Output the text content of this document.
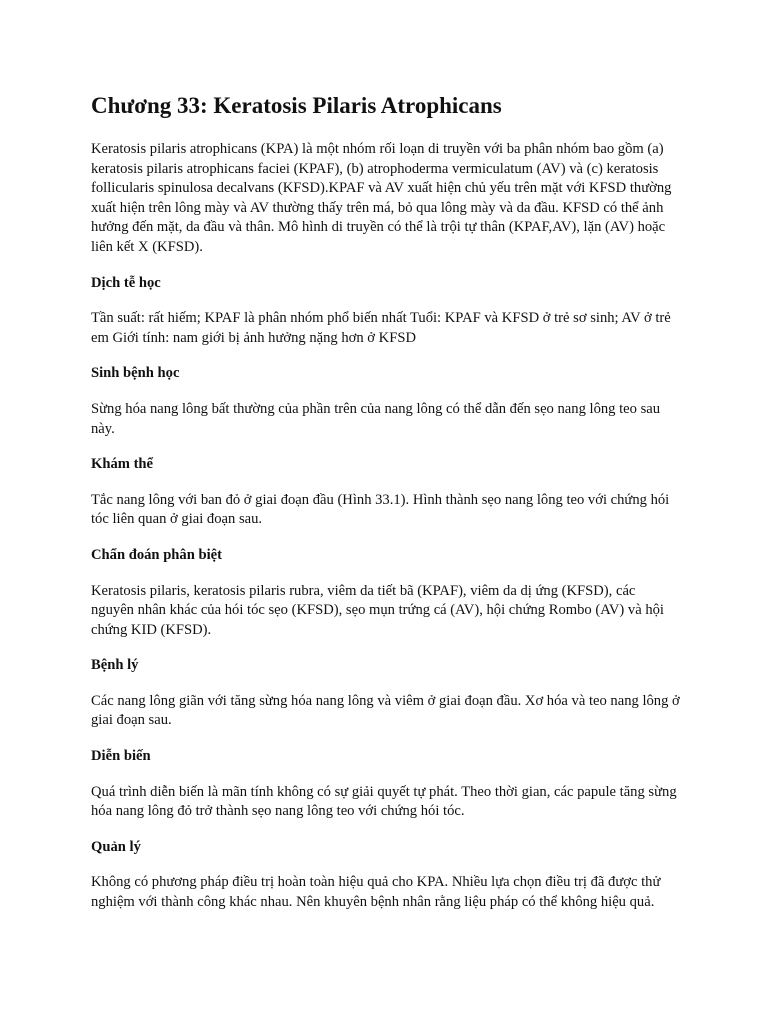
Chương 33: Keratosis Pilaris Atrophicans

Keratosis pilaris atrophicans (KPA) là một nhóm rối loạn di truyền với ba phân nhóm bao gồm (a) keratosis pilaris atrophicans faciei (KPAF), (b) atrophoderma vermiculatum (AV) và (c) keratosis follicularis spinulosa decalvans (KFSD).KPAF và AV xuất hiện chủ yếu trên mặt với KFSD thường xuất hiện trên lông mày và AV thường thấy trên má, bỏ qua lông mày và da đầu. KFSD có thể ảnh hưởng đến mặt, da đầu và thân. Mô hình di truyền có thể là trội tự thân (KPAF,AV), lặn (AV) hoặc liên kết X (KFSD).

Dịch tễ học

Tần suất: rất hiếm; KPAF là phân nhóm phổ biến nhất Tuổi: KPAF và KFSD ở trẻ sơ sinh; AV ở trẻ em Giới tính: nam giới bị ảnh hưởng nặng hơn ở KFSD

Sinh bệnh học

Sừng hóa nang lông bất thường của phần trên của nang lông có thể dẫn đến sẹo nang lông teo sau này.

Khám thể

Tắc nang lông với ban đỏ ở giai đoạn đầu (Hình 33.1). Hình thành sẹo nang lông teo với chứng hói tóc liên quan ở giai đoạn sau.

Chẩn đoán phân biệt

Keratosis pilaris, keratosis pilaris rubra, viêm da tiết bã (KPAF), viêm da dị ứng (KFSD), các nguyên nhân khác của hói tóc sẹo (KFSD), sẹo mụn trứng cá (AV), hội chứng Rombo (AV) và hội chứng KID (KFSD).

Bệnh lý

Các nang lông giãn với tăng sừng hóa nang lông và viêm ở giai đoạn đầu. Xơ hóa và teo nang lông ở giai đoạn sau.

Diễn biến

Quá trình diễn biến là mãn tính không có sự giải quyết tự phát. Theo thời gian, các papule tăng sừng hóa nang lông đỏ trở thành sẹo nang lông teo với chứng hói tóc.

Quản lý

Không có phương pháp điều trị hoàn toàn hiệu quả cho KPA. Nhiều lựa chọn điều trị đã được thử nghiệm với thành công khác nhau. Nên khuyên bệnh nhân rằng liệu pháp có thể không hiệu quả.
